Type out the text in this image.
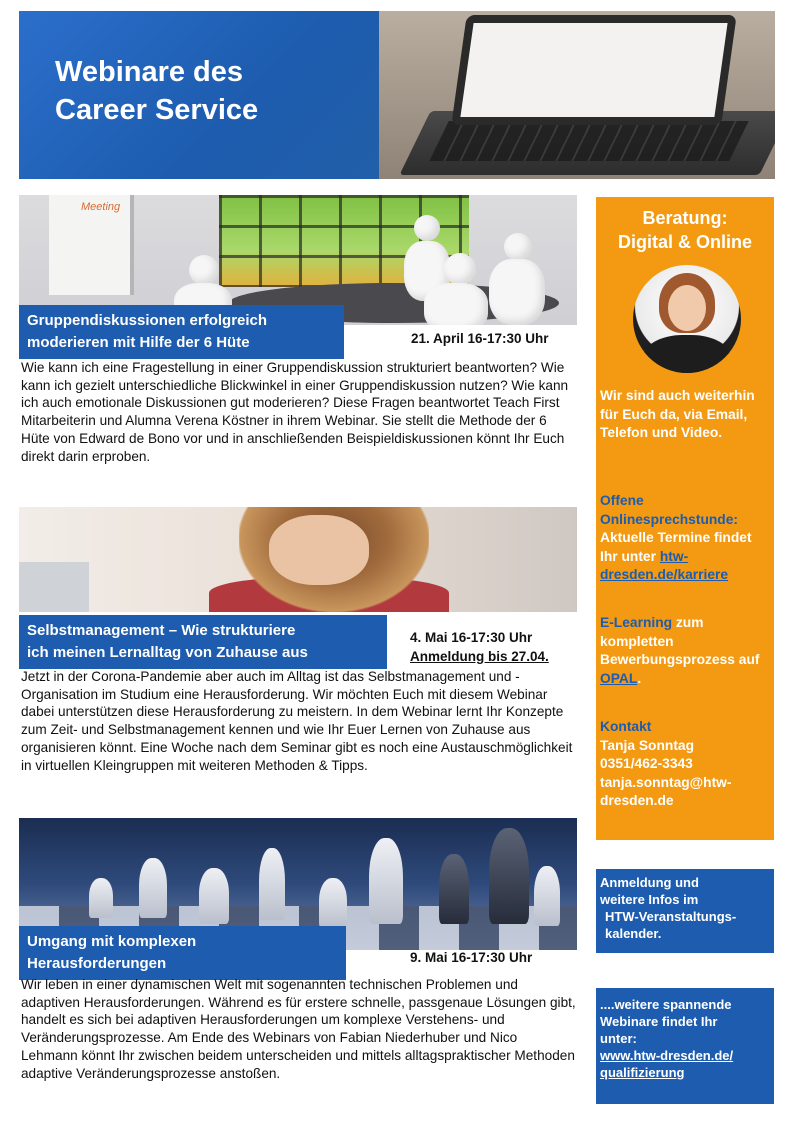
Webinare des
Career Service
Meeting
Gruppendiskussionen erfolgreich
moderieren mit Hilfe der 6 Hüte	21. April 16-17:30 Uhr
Wie kann ich eine Fragestellung in einer Gruppendiskussion strukturiert beantworten? Wie kann ich gezielt unterschiedliche Blickwinkel in einer Gruppendiskussion nutzen? Wie kann ich auch emotionale Diskussionen gut moderieren? Diese Fragen beantwortet Teach First Mitarbeiterin und Alumna Verena Köstner in ihrem Webinar. Sie stellt die Methode der 6 Hüte von Edward de Bono vor und in anschließenden Beispieldiskussionen könnt Ihr Euch direkt darin erproben.
Selbstmanagement – Wie strukturiere
ich meinen Lernalltag von Zuhause aus
4. Mai 16-17:30 Uhr
Anmeldung bis 27.04.
Jetzt in der Corona-Pandemie aber auch im Alltag ist das Selbstmanagement und -Organisation im Studium eine Herausforderung. Wir möchten Euch mit diesem Webinar dabei unterstützen diese Herausforderung zu meistern. In dem Webinar lernt Ihr Konzepte zum Zeit- und Selbstmanagement kennen und wie Ihr Euer Lernen von Zuhause aus organisieren könnt. Eine Woche nach dem Seminar gibt es noch eine Austauschmöglichkeit in virtuellen Kleingruppen mit weiteren Methoden & Tipps.
Umgang mit komplexen
Herausforderungen	9. Mai 16-17:30 Uhr
Wir leben in einer dynamischen Welt mit sogenannten technischen Problemen und adaptiven Herausforderungen. Während es für erstere schnelle, passgenaue Lösungen gibt, handelt es sich bei adaptiven Herausforderungen um komplexe Verstehens- und Veränderungsprozesse. Am Ende des Webinars von Fabian Niederhuber und Nico Lehmann könnt Ihr zwischen beidem unterscheiden und mittels alltagspraktischer Methoden adaptive Veränderungsprozesse anstoßen.
Beratung:
Digital & Online
Wir sind auch weiterhin für Euch da, via Email, Telefon und Video.
Offene Onlinesprechstunde: Aktuelle Termine findet Ihr unter htw-dresden.de/karriere
E-Learning zum kompletten Bewerbungsprozess auf OPAL.
Kontakt
Tanja Sonntag
0351/462-3343
tanja.sonntag@htw-dresden.de
Anmeldung und
weitere Infos im
HTW-Veranstaltungs-
kalender.
....weitere spannende
Webinare findet Ihr
unter:
www.htw-dresden.de/
qualifizierung
